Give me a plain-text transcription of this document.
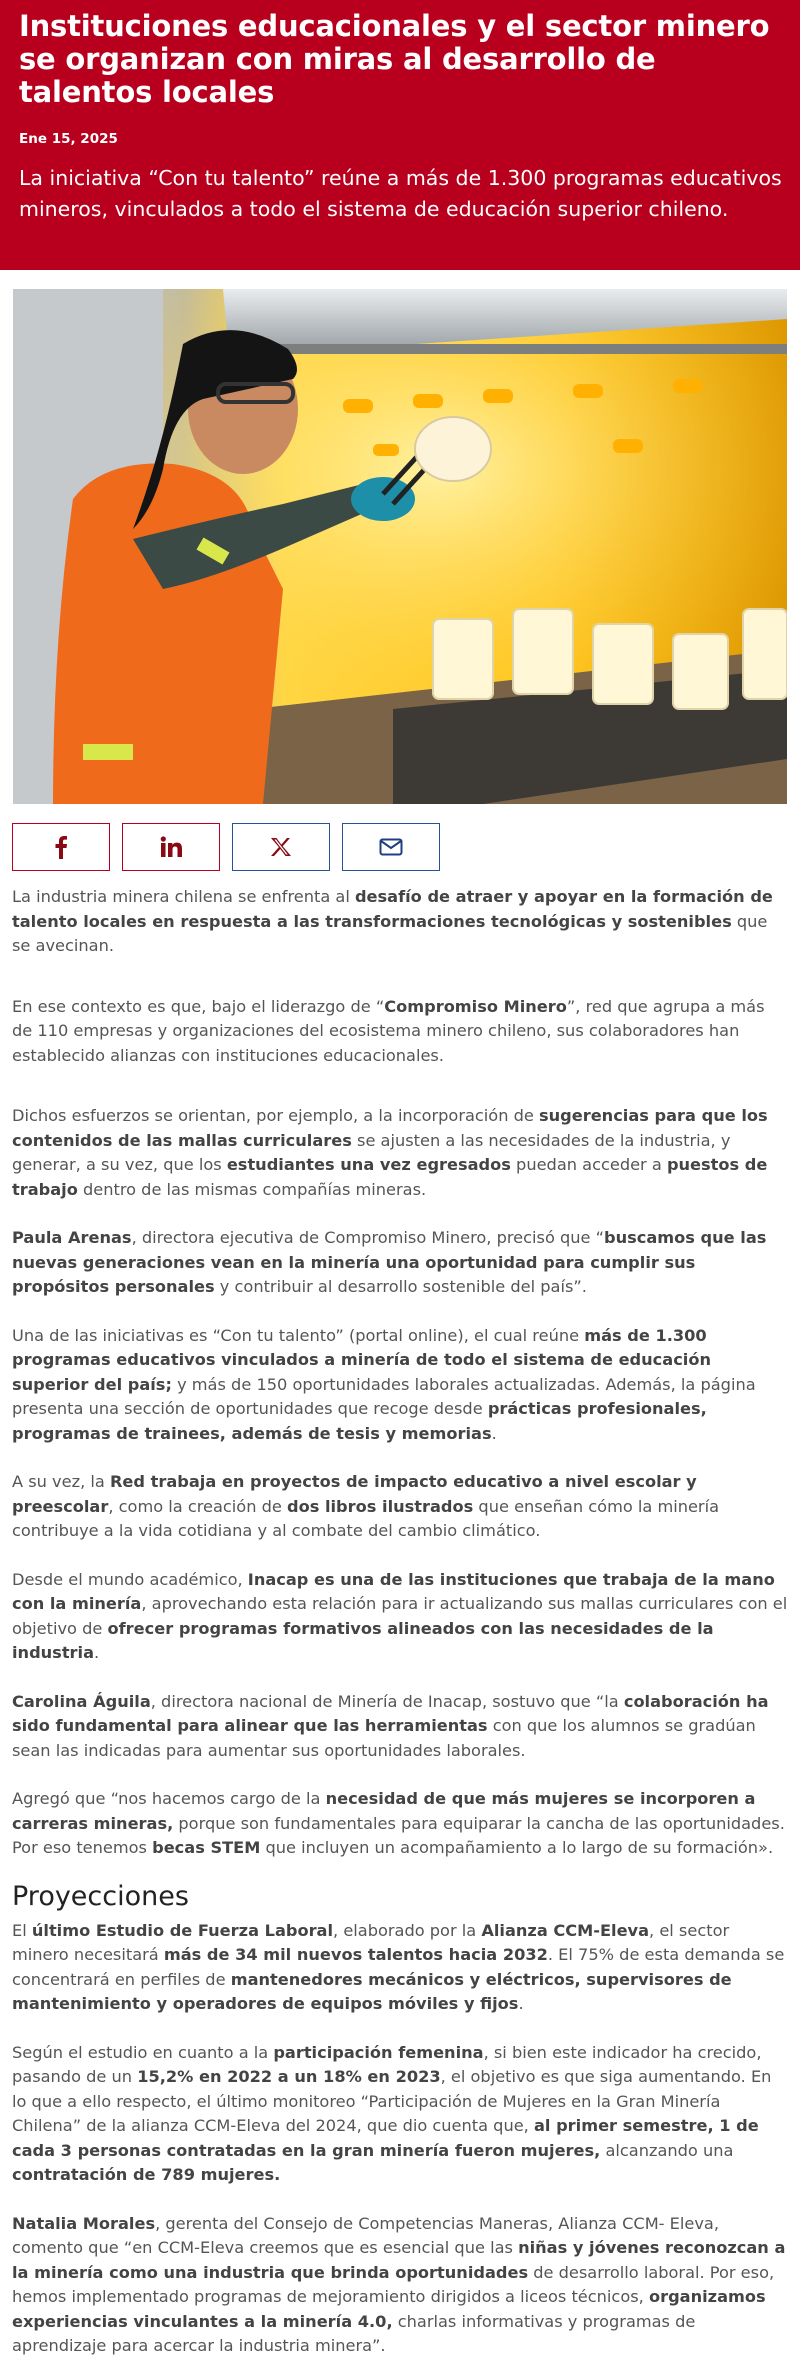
Instituciones educacionales y el sector minero se organizan con miras al desarrollo de talentos locales
Ene 15, 2025
La iniciativa “Con tu talento” reúne a más de 1.300 programas educativos mineros, vinculados a todo el sistema de educación superior chileno.

La industria minera chilena se enfrenta al desafío de atraer y apoyar en la formación de talento locales en respuesta a las transformaciones tecnológicas y sostenibles que se avecinan.

En ese contexto es que, bajo el liderazgo de “Compromiso Minero”, red que agrupa a más de 110 empresas y organizaciones del ecosistema minero chileno, sus colaboradores han establecido alianzas con instituciones educacionales.

Dichos esfuerzos se orientan, por ejemplo, a la incorporación de sugerencias para que los contenidos de las mallas curriculares se ajusten a las necesidades de la industria, y generar, a su vez, que los estudiantes una vez egresados puedan acceder a puestos de trabajo dentro de las mismas compañías mineras.

Paula Arenas, directora ejecutiva de Compromiso Minero, precisó que “buscamos que las nuevas generaciones vean en la minería una oportunidad para cumplir sus propósitos personales y contribuir al desarrollo sostenible del país”.

Una de las iniciativas es “Con tu talento” (portal online), el cual reúne más de 1.300 programas educativos vinculados a minería de todo el sistema de educación superior del país; y más de 150 oportunidades laborales actualizadas. Además, la página presenta una sección de oportunidades que recoge desde prácticas profesionales, programas de trainees, además de tesis y memorias.

A su vez, la Red trabaja en proyectos de impacto educativo a nivel escolar y preescolar, como la creación de dos libros ilustrados que enseñan cómo la minería contribuye a la vida cotidiana y al combate del cambio climático.

Desde el mundo académico, Inacap es una de las instituciones que trabaja de la mano con la minería, aprovechando esta relación para ir actualizando sus mallas curriculares con el objetivo de ofrecer programas formativos alineados con las necesidades de la industria.

Carolina Águila, directora nacional de Minería de Inacap, sostuvo que “la colaboración ha sido fundamental para alinear que las herramientas con que los alumnos se gradúan sean las indicadas para aumentar sus oportunidades laborales.

Agregó que “nos hacemos cargo de la necesidad de que más mujeres se incorporen a carreras mineras, porque son fundamentales para equiparar la cancha de las oportunidades. Por eso tenemos becas STEM que incluyen un acompañamiento a lo largo de su formación».

Proyecciones

El último Estudio de Fuerza Laboral, elaborado por la Alianza CCM-Eleva, el sector minero necesitará más de 34 mil nuevos talentos hacia 2032. El 75% de esta demanda se concentrará en perfiles de mantenedores mecánicos y eléctricos, supervisores de mantenimiento y operadores de equipos móviles y fijos.

Según el estudio en cuanto a la participación femenina, si bien este indicador ha crecido, pasando de un 15,2% en 2022 a un 18% en 2023, el objetivo es que siga aumentando. En lo que a ello respecto, el último monitoreo “Participación de Mujeres en la Gran Minería Chilena” de la alianza CCM-Eleva del 2024, que dio cuenta que, al primer semestre, 1 de cada 3 personas contratadas en la gran minería fueron mujeres, alcanzando una contratación de 789 mujeres.

Natalia Morales, gerenta del Consejo de Competencias Maneras, Alianza CCM- Eleva, comento que “en CCM-Eleva creemos que es esencial que las niñas y jóvenes reconozcan a la minería como una industria que brinda oportunidades de desarrollo laboral. Por eso, hemos implementado programas de mejoramiento dirigidos a liceos técnicos, organizamos experiencias vinculantes a la minería 4.0, charlas informativas y programas de aprendizaje para acercar la industria minera”.
